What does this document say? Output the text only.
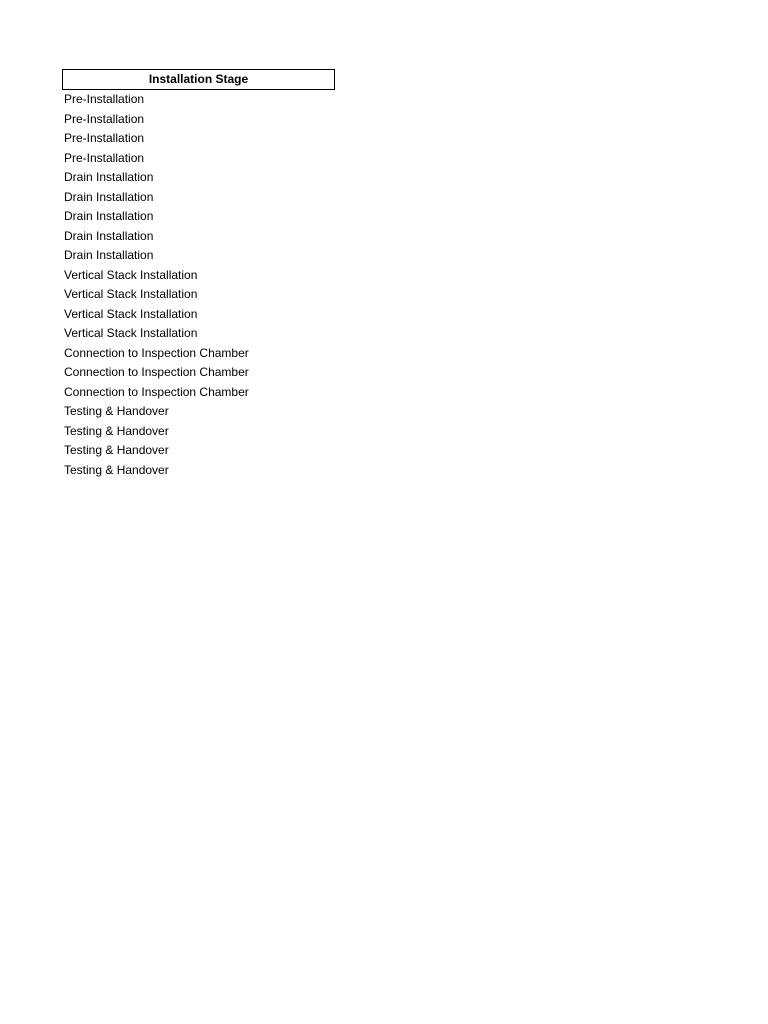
Installation Stage
Pre-Installation
Pre-Installation
Pre-Installation
Pre-Installation
Drain Installation
Drain Installation
Drain Installation
Drain Installation
Drain Installation
Vertical Stack Installation
Vertical Stack Installation
Vertical Stack Installation
Vertical Stack Installation
Connection to Inspection Chamber
Connection to Inspection Chamber
Connection to Inspection Chamber
Testing & Handover
Testing & Handover
Testing & Handover
Testing & Handover
